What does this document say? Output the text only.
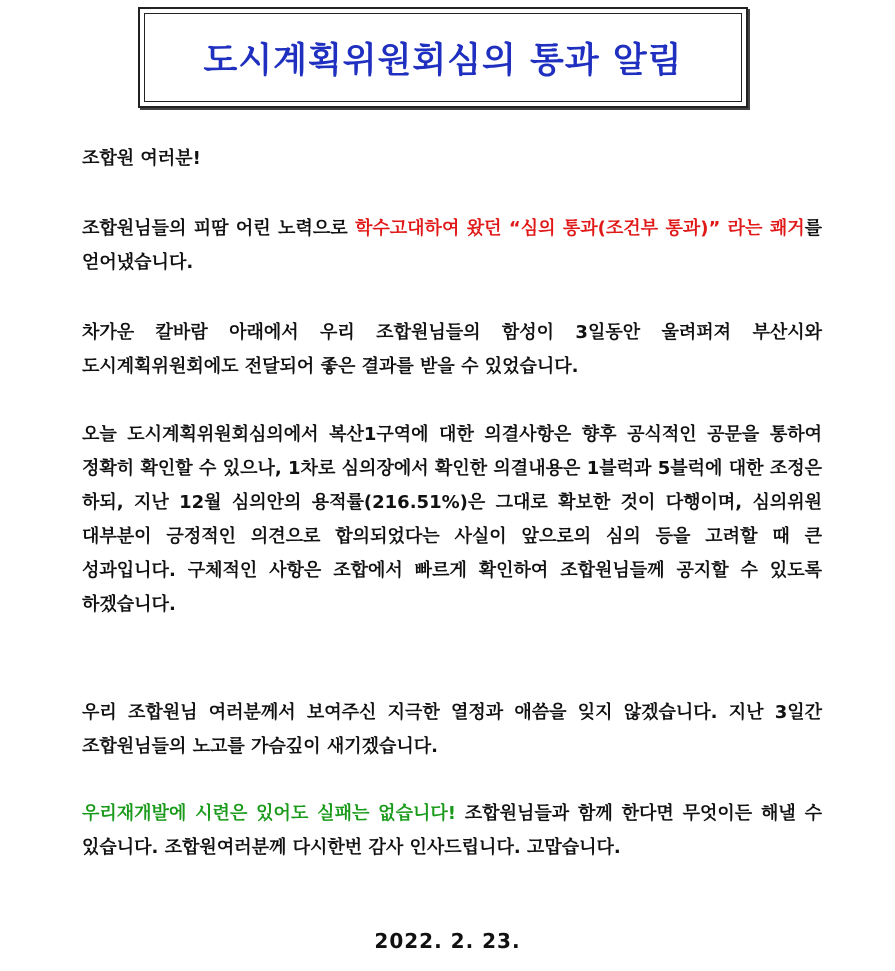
도시계획위원회심의 통과 알림
조합원 여러분!
조합원님들의 피땀 어린 노력으로 학수고대하여 왔던 “심의 통과(조건부 통과)” 라는 쾌거를 얻어냈습니다.
차가운 칼바람 아래에서 우리 조합원님들의 함성이 3일동안 울려퍼져 부산시와 도시계획위원회에도 전달되어 좋은 결과를 받을 수 있었습니다.
오늘 도시계획위원회심의에서 복산1구역에 대한 의결사항은 향후 공식적인 공문을 통하여 정확히 확인할 수 있으나, 1차로 심의장에서 확인한 의결내용은 1블럭과 5블럭에 대한 조정은 하되, 지난 12월 심의안의 용적률(216.51%)은 그대로 확보한 것이 다행이며, 심의위원 대부분이 긍정적인 의견으로 합의되었다는 사실이 앞으로의 심의 등을 고려할 때 큰 성과입니다. 구체적인 사항은 조합에서 빠르게 확인하여 조합원님들께 공지할 수 있도록 하겠습니다.
우리 조합원님 여러분께서 보여주신 지극한 열정과 애씀을 잊지 않겠습니다. 지난 3일간 조합원님들의 노고를 가슴깊이 새기겠습니다.
우리재개발에 시련은 있어도 실패는 없습니다! 조합원님들과 함께 한다면 무엇이든 해낼 수 있습니다. 조합원여러분께 다시한번 감사 인사드립니다. 고맙습니다.
2022. 2. 23.
